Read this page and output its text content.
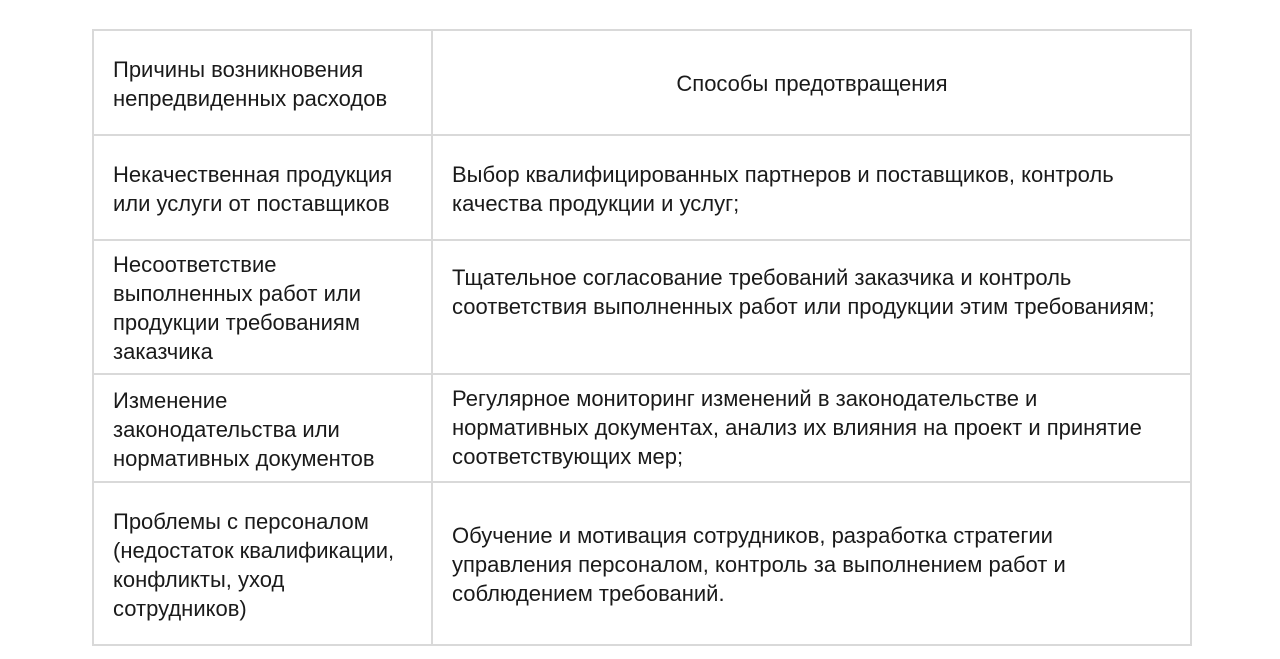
Причины возникновения непредвиденных расходов	Способы предотвращения
Некачественная продукция или услуги от поставщиков	Выбор квалифицированных партнеров и поставщиков, контроль качества продукции и услуг;
Несоответствие выполненных работ или продукции требованиям заказчика	Тщательное согласование требований заказчика и контроль соответствия выполненных работ или продукции этим требованиям;
Изменение законодательства или нормативных документов	Регулярное мониторинг изменений в законодательстве и нормативных документах, анализ их влияния на проект и принятие соответствующих мер;
Проблемы с персоналом (недостаток квалификации, конфликты, уход сотрудников)	Обучение и мотивация сотрудников, разработка стратегии управления персоналом, контроль за выполнением работ и соблюдением требований.
